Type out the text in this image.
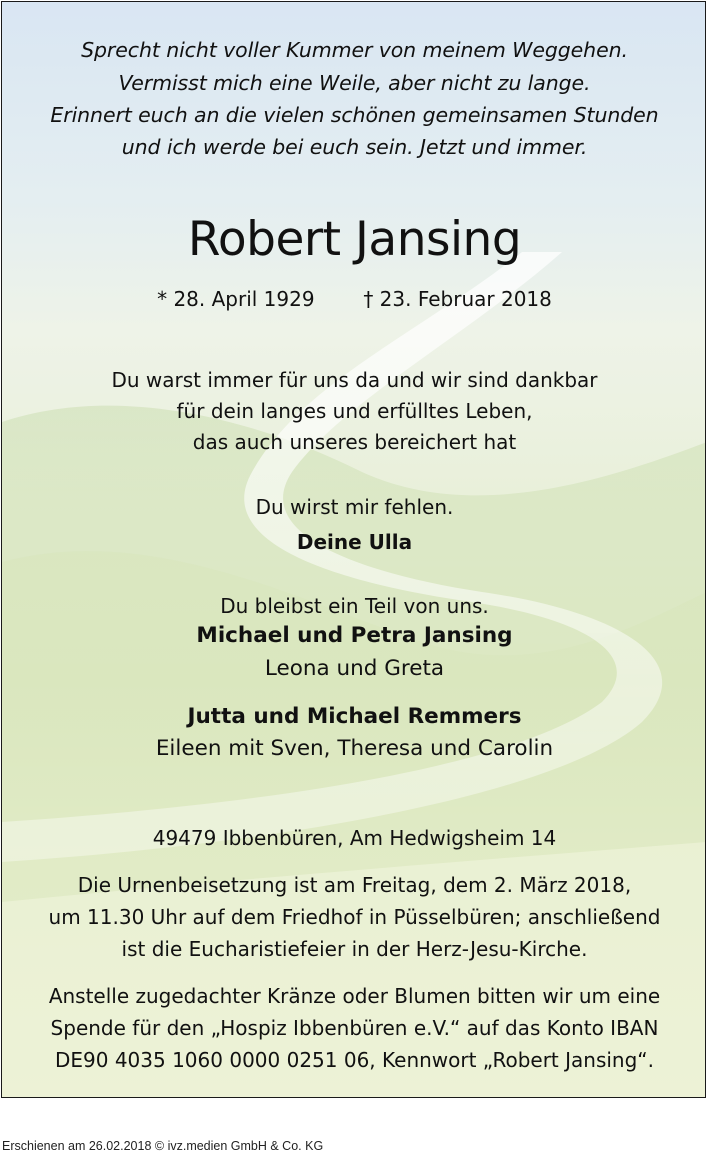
Sprecht nicht voller Kummer von meinem Weggehen.
Vermisst mich eine Weile, aber nicht zu lange.
Erinnert euch an die vielen schönen gemeinsamen Stunden
und ich werde bei euch sein. Jetzt und immer.
Robert Jansing
* 28. April 1929 † 23. Februar 2018
Du warst immer für uns da und wir sind dankbar
für dein langes und erfülltes Leben,
das auch unseres bereichert hat
Du wirst mir fehlen.
Deine Ulla
Du bleibst ein Teil von uns.
Michael und Petra Jansing
Leona und Greta
Jutta und Michael Remmers
Eileen mit Sven, Theresa und Carolin
49479 Ibbenbüren, Am Hedwigsheim 14
Die Urnenbeisetzung ist am Freitag, dem 2. März 2018,
um 11.30 Uhr auf dem Friedhof in Püsselbüren; anschließend
ist die Eucharistiefeier in der Herz-Jesu-Kirche.
Anstelle zugedachter Kränze oder Blumen bitten wir um eine
Spende für den „Hospiz Ibbenbüren e.V.“ auf das Konto IBAN
DE90 4035 1060 0000 0251 06, Kennwort „Robert Jansing“.
Erschienen am 26.02.2018 © ivz.medien GmbH & Co. KG
